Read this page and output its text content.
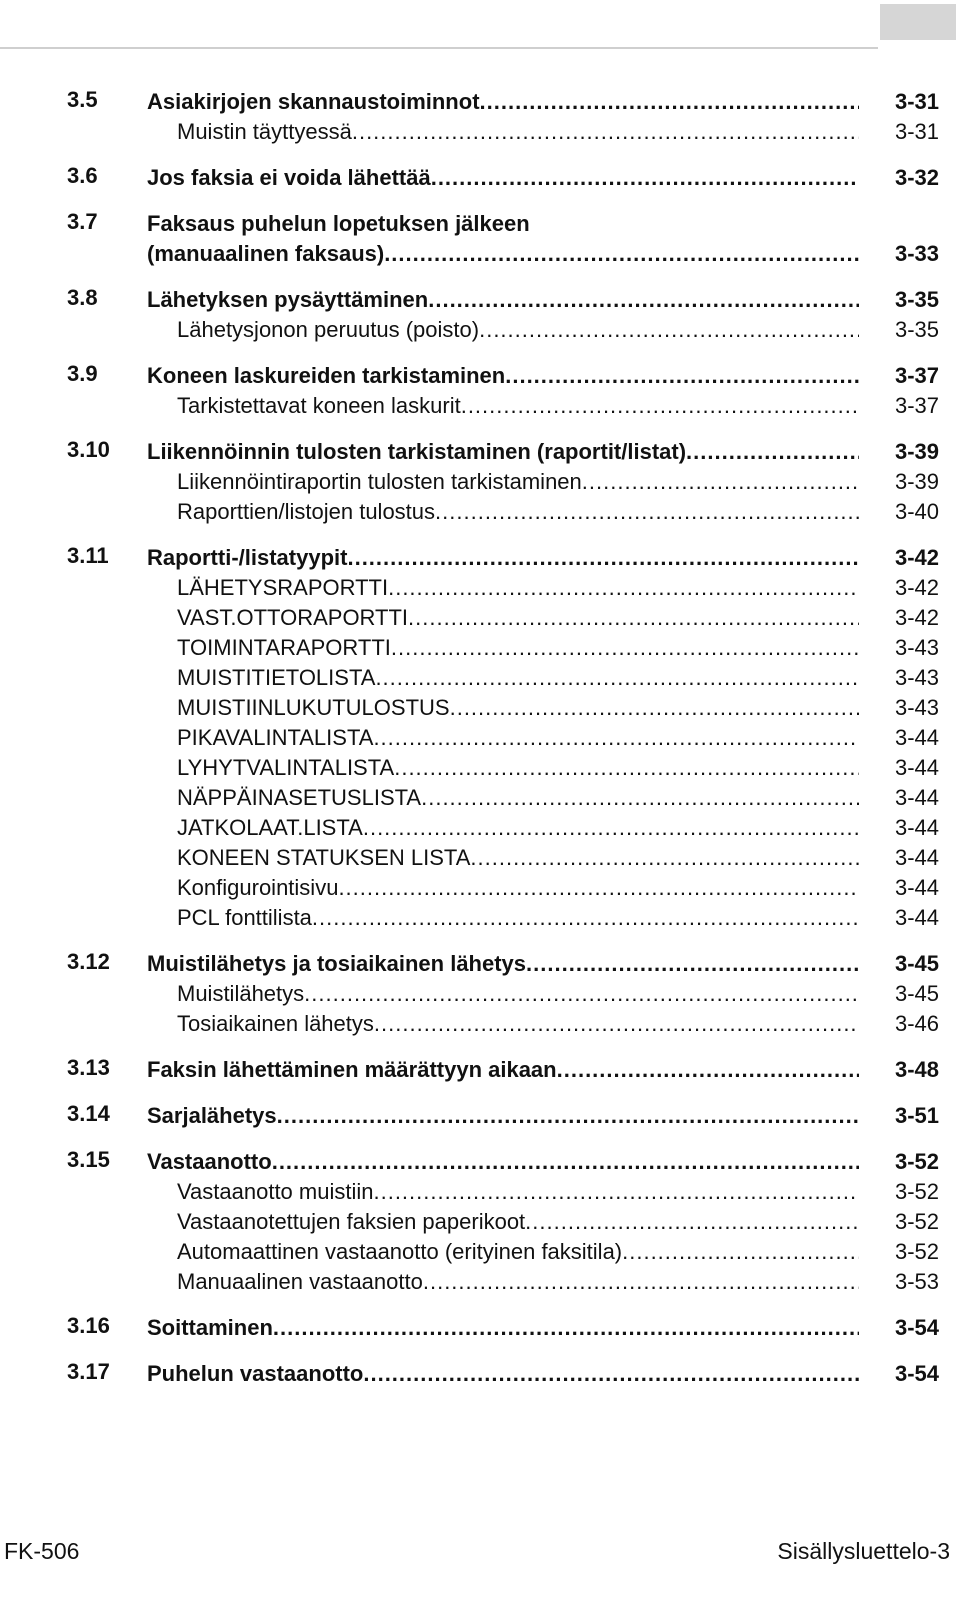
3.5 Asiakirjojen skannaustoiminnot .....	3-31
Muistin täyttyessä .....	3-31
3.6 Jos faksia ei voida lähettää .....	3-32
3.7 Faksaus puhelun lopetuksen jälkeen
(manuaalinen faksaus) .....	3-33
3.8 Lähetyksen pysäyttäminen .....	3-35
Lähetysjonon peruutus (poisto) .....	3-35
3.9 Koneen laskureiden tarkistaminen .....	3-37
Tarkistettavat koneen laskurit .....	3-37
3.10 Liikennöinnin tulosten tarkistaminen (raportit/listat) .....	3-39
Liikennöintiraportin tulosten tarkistaminen .....	3-39
Raporttien/listojen tulostus .....	3-40
3.11 Raportti-/listatyypit .....	3-42
LÄHETYSRAPORTTI .....	3-42
VAST.OTTORAPORTTI .....	3-42
TOIMINTARAPORTTI .....	3-43
MUISTITIETOLISTA .....	3-43
MUISTIINLUKUTULOSTUS .....	3-43
PIKAVALINTALISTA .....	3-44
LYHYTVALINTALISTA .....	3-44
NÄPPÄINASETUSLISTA .....	3-44
JATKOLAAT.LISTA .....	3-44
KONEEN STATUKSEN LISTA .....	3-44
Konfigurointisivu .....	3-44
PCL fonttilista .....	3-44
3.12 Muistilähetys ja tosiaikainen lähetys .....	3-45
Muistilähetys .....	3-45
Tosiaikainen lähetys .....	3-46
3.13 Faksin lähettäminen määrättyyn aikaan .....	3-48
3.14 Sarjalähetys .....	3-51
3.15 Vastaanotto .....	3-52
Vastaanotto muistiin .....	3-52
Vastaanotettujen faksien paperikoot .....	3-52
Automaattinen vastaanotto (erityinen faksitila) .....	3-52
Manuaalinen vastaanotto .....	3-53
3.16 Soittaminen .....	3-54
3.17 Puhelun vastaanotto .....	3-54
FK-506	Sisällysluettelo-3
